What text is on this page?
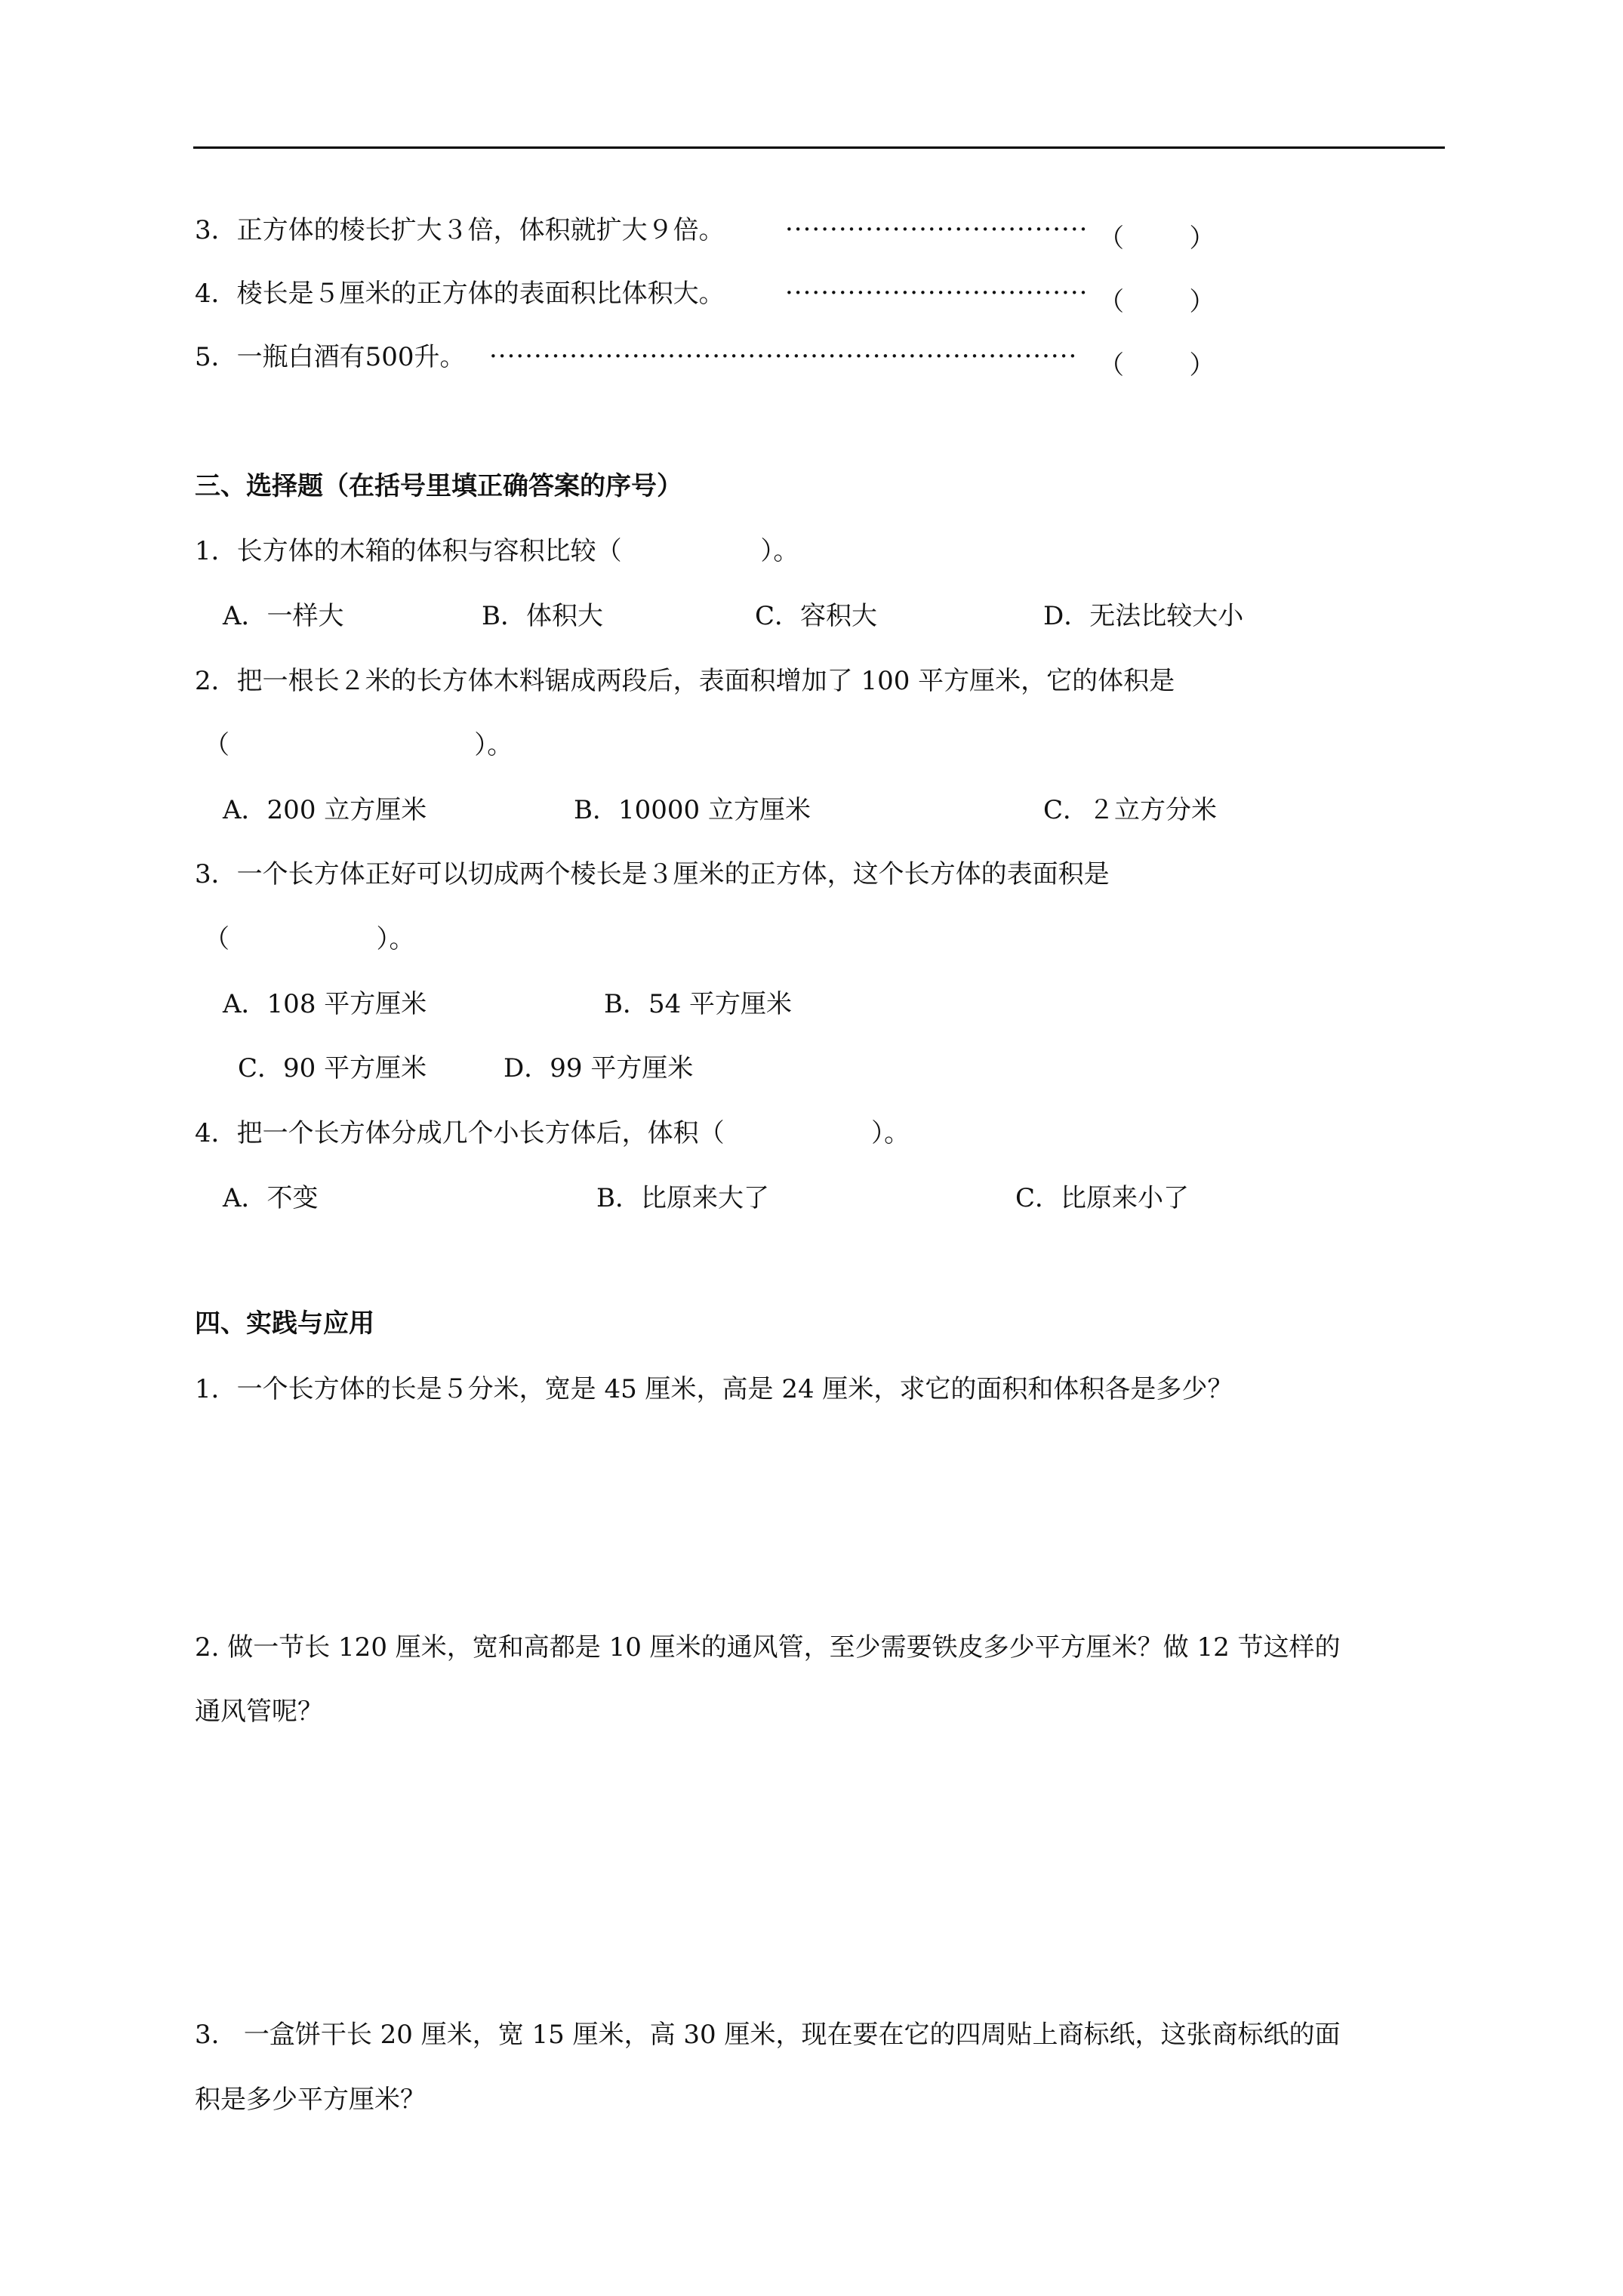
3．正方体的棱长扩大３倍，体积就扩大９倍。 ·································· （        ）
4．棱长是５厘米的正方体的表面积比体积大。 ·································· （        ）
5．一瓶白酒有500升。 ·································································· （        ）
三、选择题（在括号里填正确答案的序号）
1．长方体的木箱的体积与容积比较（                 ）。
A．一样大	B．体积大	C．容积大	D．无法比较大小
2．把一根长２米的长方体木料锯成两段后，表面积增加了 100 平方厘米，它的体积是
（                              ）。
A．200 立方厘米	B．10000 立方厘米	C．２立方分米
3．一个长方体正好可以切成两个棱长是３厘米的正方体，这个长方体的表面积是
（                  ）。
A．108 平方厘米	B．54 平方厘米
C．90 平方厘米	D．99 平方厘米
4．把一个长方体分成几个小长方体后，体积（                  ）。
A．不变	B．比原来大了	C．比原来小了
四、实践与应用
1．一个长方体的长是５分米，宽是 45 厘米，高是 24 厘米，求它的面积和体积各是多少？
2. 做一节长 120 厘米，宽和高都是 10 厘米的通风管，至少需要铁皮多少平方厘米？做 12 节这样的
通风管呢？
3.   一盒饼干长 20 厘米，宽 15 厘米，高 30 厘米，现在要在它的四周贴上商标纸，这张商标纸的面
积是多少平方厘米？
